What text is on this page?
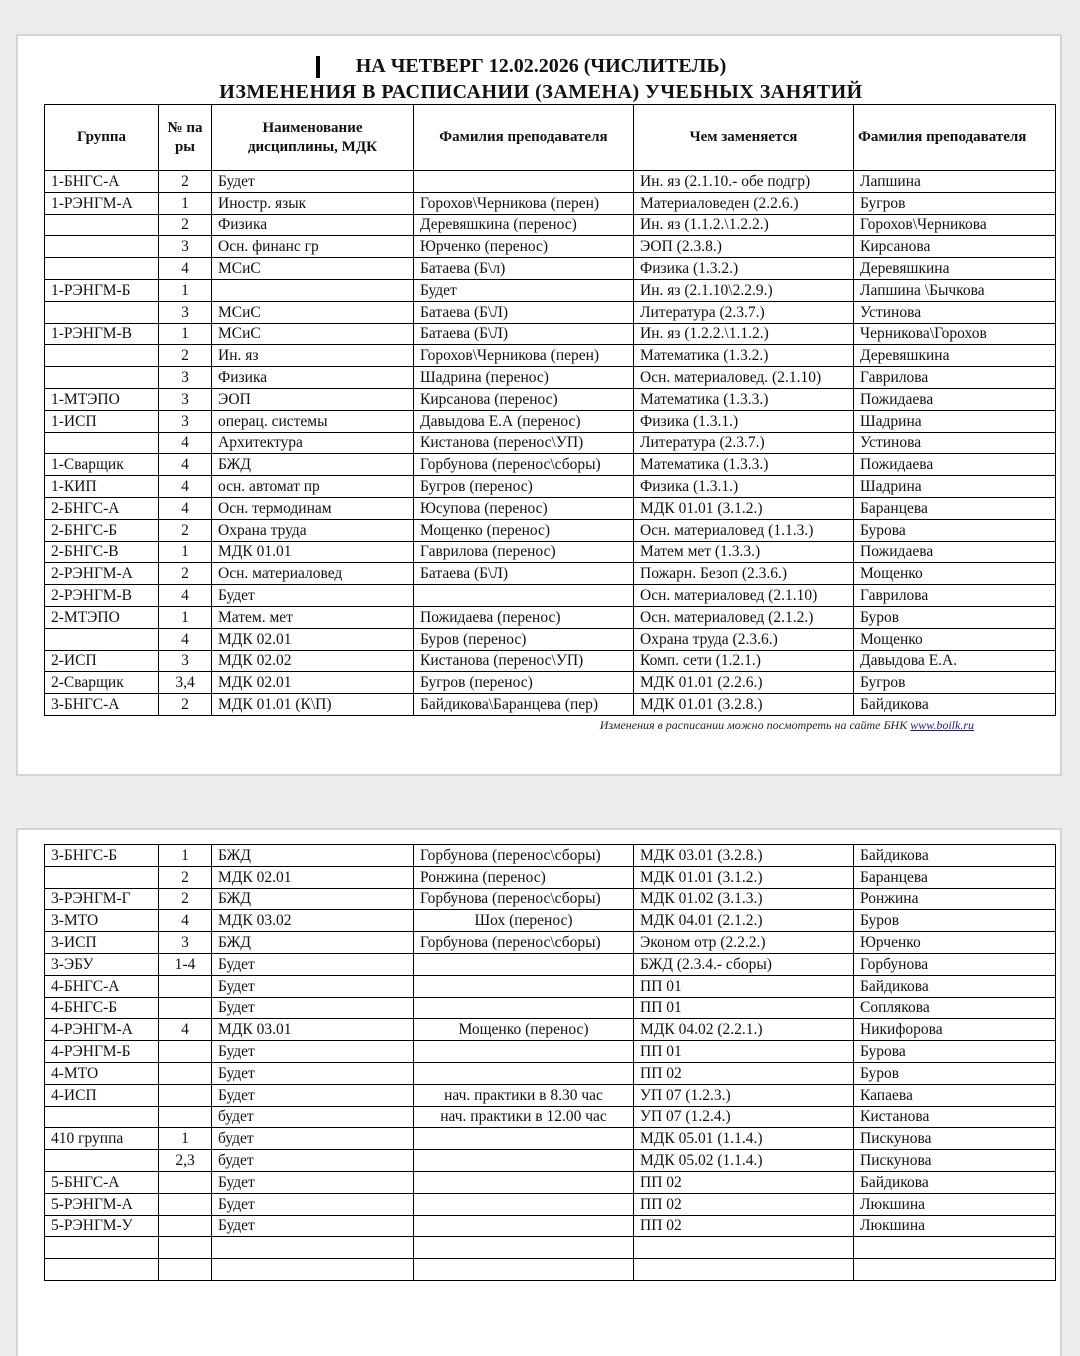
НА ЧЕТВЕРГ 12.02.2026 (ЧИСЛИТЕЛЬ)
ИЗМЕНЕНИЯ В РАСПИСАНИИ (ЗАМЕНА) УЧЕБНЫХ ЗАНЯТИЙ
Группа	№ па ры	Наименование дисциплины, МДК	Фамилия преподавателя	Чем заменяется	Фамилия преподавателя
1-БНГС-А	2	Будет		Ин. яз (2.1.10.- обе подгр)	Лапшина
1-РЭНГМ-А	1	Иностр. язык	Горохов\Черникова (перен)	Материаловеден (2.2.6.)	Бугров
	2	Физика	Деревяшкина (перенос)	Ин. яз (1.1.2.\1.2.2.)	Горохов\Черникова
	3	Осн. финанс гр	Юрченко (перенос)	ЭОП (2.3.8.)	Кирсанова
	4	МСиС	Батаева (Б\л)	Физика (1.3.2.)	Деревяшкина
1-РЭНГМ-Б	1		Будет	Ин. яз (2.1.10\2.2.9.)	Лапшина \Бычкова
	3	МСиС	Батаева (Б\Л)	Литература (2.3.7.)	Устинова
1-РЭНГМ-В	1	МСиС	Батаева (Б\Л)	Ин. яз (1.2.2.\1.1.2.)	Черникова\Горохов
	2	Ин. яз	Горохов\Черникова (перен)	Математика (1.3.2.)	Деревяшкина
	3	Физика	Шадрина (перенос)	Осн. материаловед. (2.1.10)	Гаврилова
1-МТЭПО	3	ЭОП	Кирсанова (перенос)	Математика (1.3.3.)	Пожидаева
1-ИСП	3	операц. системы	Давыдова Е.А (перенос)	Физика (1.3.1.)	Шадрина
	4	Архитектура	Кистанова (перенос\УП)	Литература (2.3.7.)	Устинова
1-Сварщик	4	БЖД	Горбунова (перенос\сборы)	Математика (1.3.3.)	Пожидаева
1-КИП	4	осн. автомат пр	Бугров (перенос)	Физика (1.3.1.)	Шадрина
2-БНГС-А	4	Осн. термодинам	Юсупова (перенос)	МДК 01.01 (3.1.2.)	Баранцева
2-БНГС-Б	2	Охрана труда	Мощенко (перенос)	Осн. материаловед (1.1.3.)	Бурова
2-БНГС-В	1	МДК 01.01	Гаврилова (перенос)	Матем мет (1.3.3.)	Пожидаева
2-РЭНГМ-А	2	Осн. материаловед	Батаева (Б\Л)	Пожарн. Безоп (2.3.6.)	Мощенко
2-РЭНГМ-В	4	Будет		Осн. материаловед (2.1.10)	Гаврилова
2-МТЭПО	1	Матем. мет	Пожидаева (перенос)	Осн. материаловед (2.1.2.)	Буров
	4	МДК 02.01	Буров (перенос)	Охрана труда (2.3.6.)	Мощенко
2-ИСП	3	МДК 02.02	Кистанова (перенос\УП)	Комп. сети (1.2.1.)	Давыдова Е.А.
2-Сварщик	3,4	МДК 02.01	Бугров (перенос)	МДК 01.01 (2.2.6.)	Бугров
3-БНГС-А	2	МДК 01.01 (К\П)	Байдикова\Баранцева (пер)	МДК 01.01 (3.2.8.)	Байдикова
Изменения в расписании можно посмотреть на сайте БНК www.boilk.ru
3-БНГС-Б	1	БЖД	Горбунова (перенос\сборы)	МДК 03.01 (3.2.8.)	Байдикова
	2	МДК 02.01	Ронжина (перенос)	МДК 01.01 (3.1.2.)	Баранцева
3-РЭНГМ-Г	2	БЖД	Горбунова (перенос\сборы)	МДК 01.02 (3.1.3.)	Ронжина
3-МТО	4	МДК 03.02	Шох (перенос)	МДК 04.01 (2.1.2.)	Буров
3-ИСП	3	БЖД	Горбунова (перенос\сборы)	Эконом отр (2.2.2.)	Юрченко
3-ЭБУ	1-4	Будет		БЖД (2.3.4.- сборы)	Горбунова
4-БНГС-А		Будет		ПП 01	Байдикова
4-БНГС-Б		Будет		ПП 01	Соплякова
4-РЭНГМ-А	4	МДК 03.01	Мощенко (перенос)	МДК 04.02 (2.2.1.)	Никифорова
4-РЭНГМ-Б		Будет		ПП 01	Бурова
4-МТО		Будет		ПП 02	Буров
4-ИСП		Будет	нач. практики в 8.30 час	УП 07 (1.2.3.)	Капаева
		будет	нач. практики в 12.00 час	УП 07 (1.2.4.)	Кистанова
410 группа	1	будет		МДК 05.01 (1.1.4.)	Пискунова
	2,3	будет		МДК 05.02 (1.1.4.)	Пискунова
5-БНГС-А		Будет		ПП 02	Байдикова
5-РЭНГМ-А		Будет		ПП 02	Люкшина
5-РЭНГМ-У		Будет		ПП 02	Люкшина
